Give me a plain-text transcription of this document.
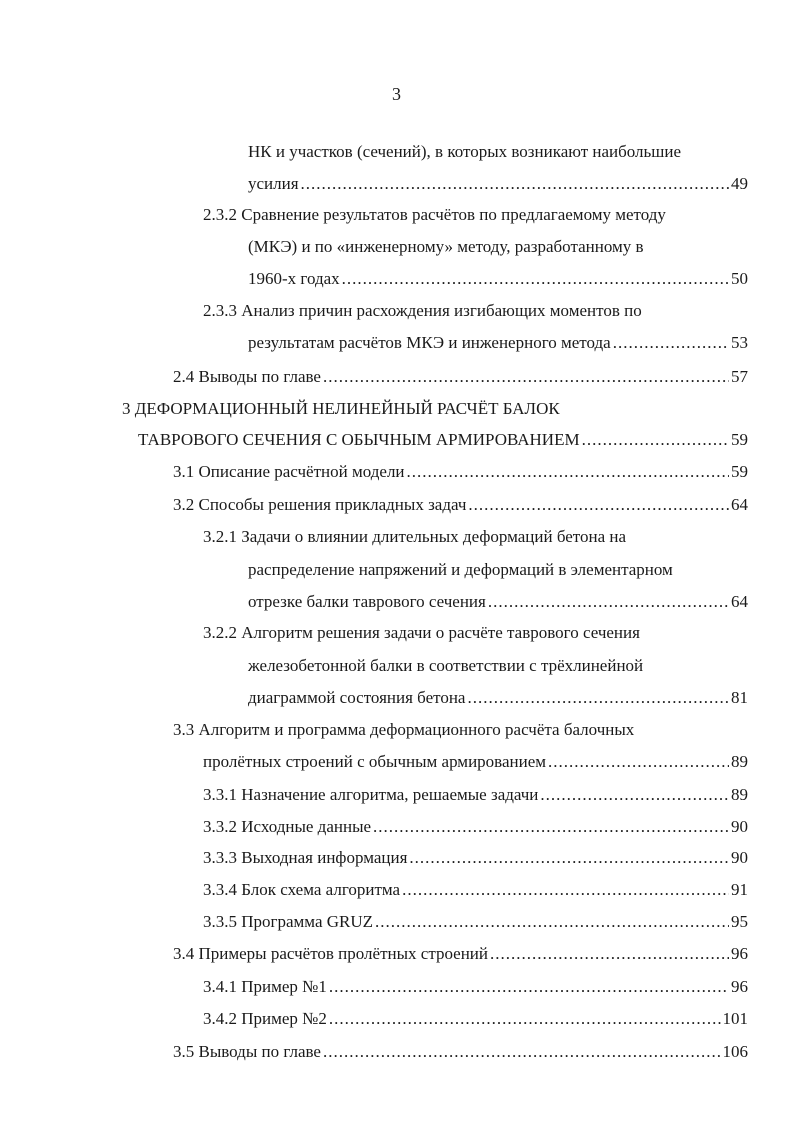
3
НК и участков (сечений), в которых возникают наибольшие
усилия .....	49
2.3.2 Сравнение результатов расчётов по предлагаемому методу
(МКЭ) и по «инженерному» методу, разработанному в
1960-х годах .....	50
2.3.3 Анализ причин расхождения изгибающих моментов по
результатам расчётов МКЭ и инженерного метода .....	53
2.4 Выводы по главе .....	57
3 ДЕФОРМАЦИОННЫЙ НЕЛИНЕЙНЫЙ РАСЧЁТ БАЛОК
ТАВРОВОГО СЕЧЕНИЯ С ОБЫЧНЫМ АРМИРОВАНИЕМ .....	59
3.1 Описание расчётной модели .....	59
3.2 Способы решения прикладных задач .....	64
3.2.1 Задачи о влиянии длительных деформаций бетона на
распределение напряжений и деформаций в элементарном
отрезке балки таврового сечения .....	64
3.2.2 Алгоритм решения задачи о расчёте таврового сечения
железобетонной балки в соответствии с трёхлинейной
диаграммой состояния бетона .....	81
3.3 Алгоритм и программа деформационного расчёта балочных
пролётных строений с обычным армированием .....	89
3.3.1 Назначение алгоритма, решаемые задачи .....	89
3.3.2 Исходные данные .....	90
3.3.3 Выходная информация .....	90
3.3.4 Блок схема алгоритма .....	91
3.3.5 Программа GRUZ .....	95
3.4 Примеры расчётов пролётных строений .....	96
3.4.1 Пример №1 .....	96
3.4.2 Пример №2 .....	101
3.5 Выводы по главе .....	106
